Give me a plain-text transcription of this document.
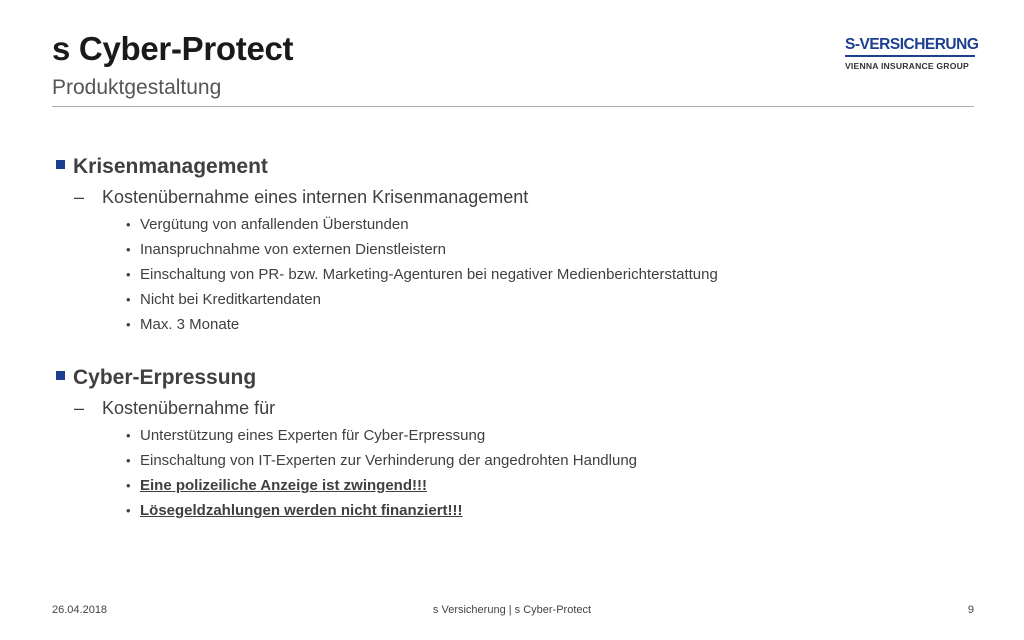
s Cyber-Protect
Produktgestaltung
S-VERSICHERUNG
VIENNA INSURANCE GROUP
Krisenmanagement
– Kostenübernahme eines internen Krisenmanagement
• Vergütung von anfallenden Überstunden
• Inanspruchnahme von externen Dienstleistern
• Einschaltung von PR- bzw. Marketing-Agenturen bei negativer Medienberichterstattung
• Nicht bei Kreditkartendaten
• Max. 3 Monate
Cyber-Erpressung
– Kostenübernahme für
• Unterstützung eines Experten für Cyber-Erpressung
• Einschaltung von IT-Experten zur Verhinderung der angedrohten Handlung
• Eine polizeiliche Anzeige ist zwingend!!!
• Lösegeldzahlungen werden nicht finanziert!!!
26.04.2018	s Versicherung | s Cyber-Protect	9
